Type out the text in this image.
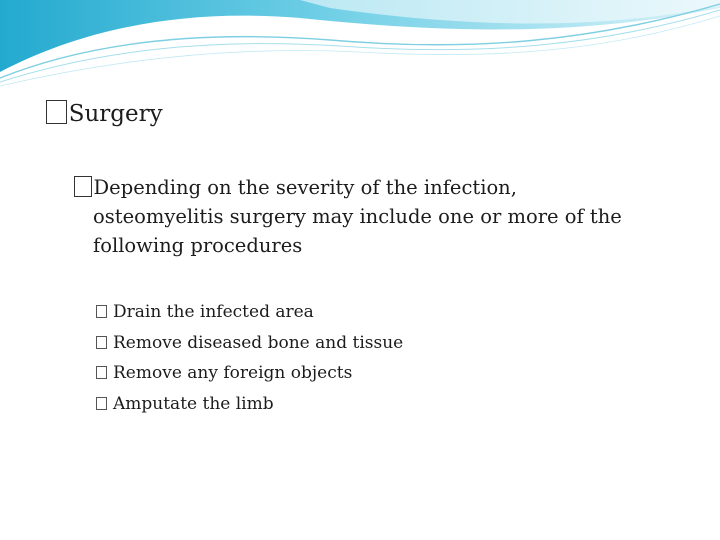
Surgery
Depending on the severity of the infection,
osteomyelitis surgery may include one or more of the
following procedures
Drain the infected area
Remove diseased bone and tissue
Remove any foreign objects
Amputate the limb
